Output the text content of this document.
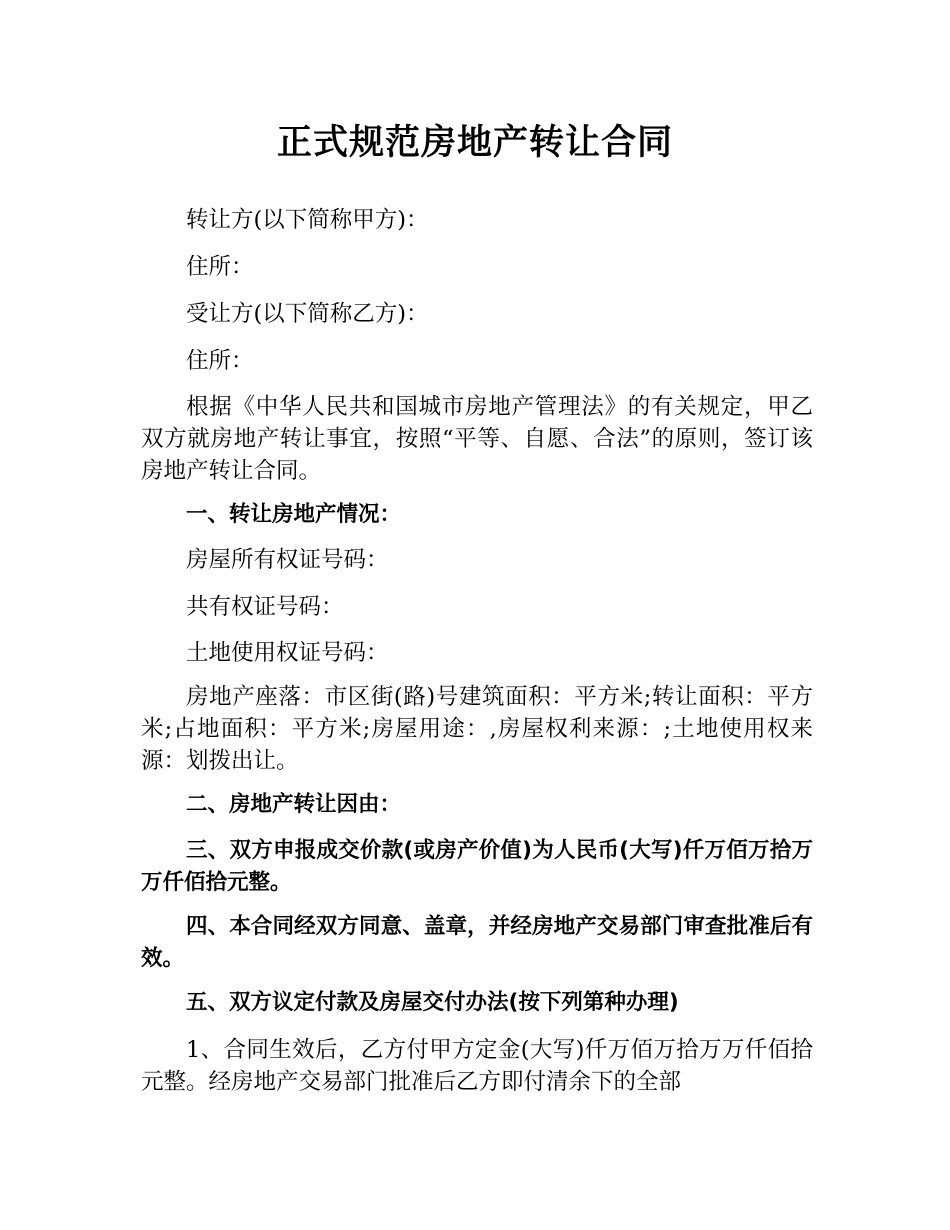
正式规范房地产转让合同

转让方(以下简称甲方)：

住所：

受让方(以下简称乙方)：

住所：

根据《中华人民共和国城市房地产管理法》的有关规定，甲乙双方就房地产转让事宜，按照“平等、自愿、合法”的原则，签订该房地产转让合同。

一、转让房地产情况：

房屋所有权证号码：

共有权证号码：

土地使用权证号码：

房地产座落：市区街(路)号建筑面积：平方米;转让面积：平方米;占地面积：平方米;房屋用途：,房屋权利来源：;土地使用权来源：划拨出让。

二、房地产转让因由：

三、双方申报成交价款(或房产价值)为人民币(大写)仟万佰万拾万万仟佰拾元整。

四、本合同经双方同意、盖章，并经房地产交易部门审查批准后有效。

五、双方议定付款及房屋交付办法(按下列第种办理)

1、合同生效后，乙方付甲方定金(大写)仟万佰万拾万万仟佰拾元整。经房地产交易部门批准后乙方即付清余下的全部
